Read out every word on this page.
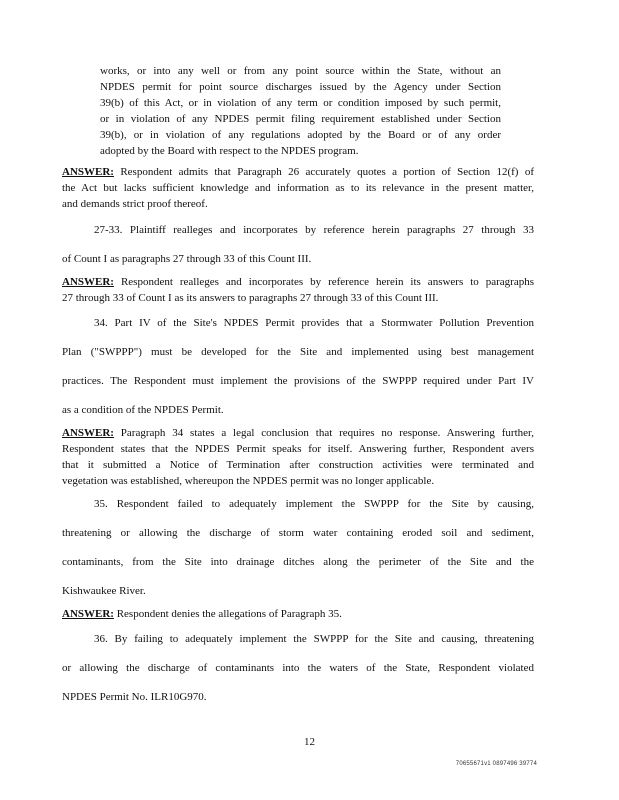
works, or into any well or from any point source within the State, without an

NPDES permit for point source discharges issued by the Agency under Section

39(b) of this Act, or in violation of any term or condition imposed by such permit,

or in violation of any NPDES permit filing requirement established under Section

39(b), or in violation of any regulations adopted by the Board or of any order

adopted by the Board with respect to the NPDES program.

ANSWER: Respondent admits that Paragraph 26 accurately quotes a portion of Section 12(f) of

the Act but lacks sufficient knowledge and information as to its relevance in the present matter,

and demands strict proof thereof.

27-33. Plaintiff realleges and incorporates by reference herein paragraphs 27 through 33

of Count I as paragraphs 27 through 33 of this Count III.

ANSWER: Respondent realleges and incorporates by reference herein its answers to paragraphs

27 through 33 of Count I as its answers to paragraphs 27 through 33 of this Count III.

34. Part IV of the Site's NPDES Permit provides that a Stormwater Pollution Prevention

Plan ("SWPPP") must be developed for the Site and implemented using best management

practices. The Respondent must implement the provisions of the SWPPP required under Part IV

as a condition of the NPDES Permit.

ANSWER: Paragraph 34 states a legal conclusion that requires no response. Answering further,

Respondent states that the NPDES Permit speaks for itself. Answering further, Respondent avers

that it submitted a Notice of Termination after construction activities were terminated and

vegetation was established, whereupon the NPDES permit was no longer applicable.

35. Respondent failed to adequately implement the SWPPP for the Site by causing,

threatening or allowing the discharge of storm water containing eroded soil and sediment,

contaminants, from the Site into drainage ditches along the perimeter of the Site and the

Kishwaukee River.

ANSWER: Respondent denies the allegations of Paragraph 35.

36. By failing to adequately implement the SWPPP for the Site and causing, threatening

or allowing the discharge of contaminants into the waters of the State, Respondent violated

NPDES Permit No. ILR10G970.

12
70655671v1 0897496 39774
